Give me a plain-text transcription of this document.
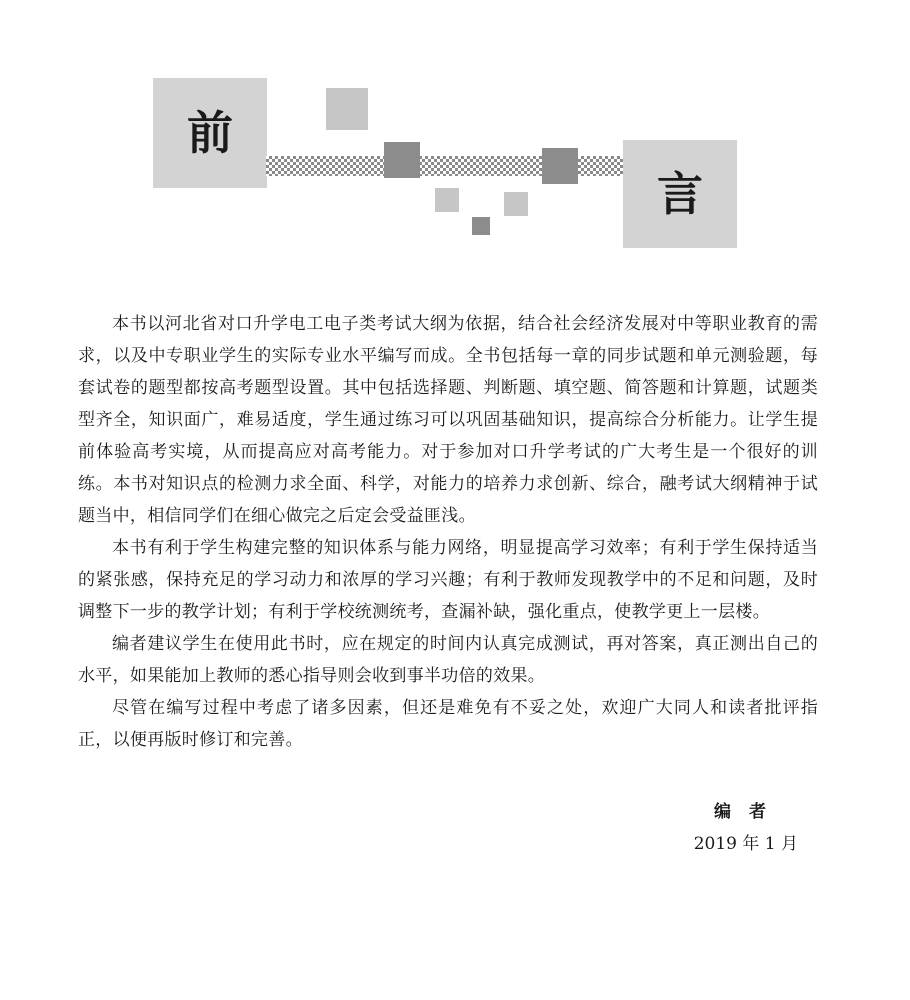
前
言

本书以河北省对口升学电工电子类考试大纲为依据，结合社会经济发展对中等职业教育的需求，以及中专职业学生的实际专业水平编写而成。全书包括每一章的同步试题和单元测验题，每套试卷的题型都按高考题型设置。其中包括选择题、判断题、填空题、简答题和计算题，试题类型齐全，知识面广，难易适度，学生通过练习可以巩固基础知识，提高综合分析能力。让学生提前体验高考实境，从而提高应对高考能力。对于参加对口升学考试的广大考生是一个很好的训练。本书对知识点的检测力求全面、科学，对能力的培养力求创新、综合，融考试大纲精神于试题当中，相信同学们在细心做完之后定会受益匪浅。

本书有利于学生构建完整的知识体系与能力网络，明显提高学习效率；有利于学生保持适当的紧张感，保持充足的学习动力和浓厚的学习兴趣；有利于教师发现教学中的不足和问题，及时调整下一步的教学计划；有利于学校统测统考，查漏补缺，强化重点，使教学更上一层楼。

编者建议学生在使用此书时，应在规定的时间内认真完成测试，再对答案，真正测出自己的水平，如果能加上教师的悉心指导则会收到事半功倍的效果。

尽管在编写过程中考虑了诸多因素，但还是难免有不妥之处，欢迎广大同人和读者批评指正，以便再版时修订和完善。

编者
2019 年 1 月
